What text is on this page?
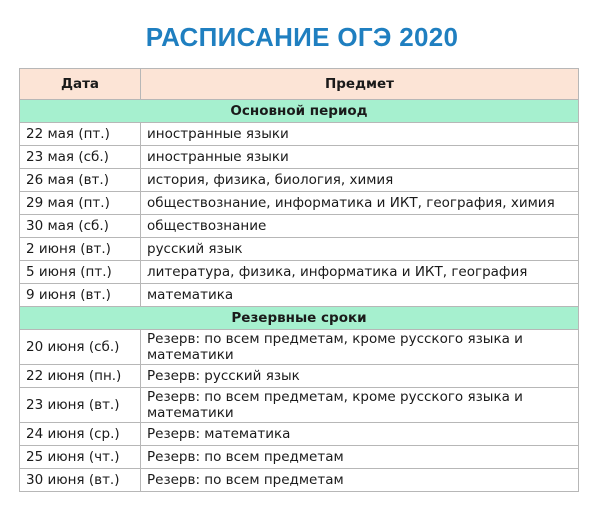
РАСПИСАНИЕ ОГЭ 2020
Дата	Предмет
Основной период	
22 мая (пт.)	иностранные языки
23 мая (сб.)	иностранные языки
26 мая (вт.)	история, физика, биология, химия
29 мая (пт.)	обществознание, информатика и ИКТ, география, химия
30 мая (сб.)	обществознание
2 июня (вт.)	русский язык
5 июня (пт.)	литература, физика, информатика и ИКТ, география
9 июня (вт.)	математика
Резервные сроки	
20 июня (сб.)	Резерв: по всем предметам, кроме русского языка и математики
22 июня (пн.)	Резерв: русский язык
23 июня (вт.)	Резерв: по всем предметам, кроме русского языка и математики
24 июня (ср.)	Резерв: математика
25 июня (чт.)	Резерв: по всем предметам
30 июня (вт.)	Резерв: по всем предметам
